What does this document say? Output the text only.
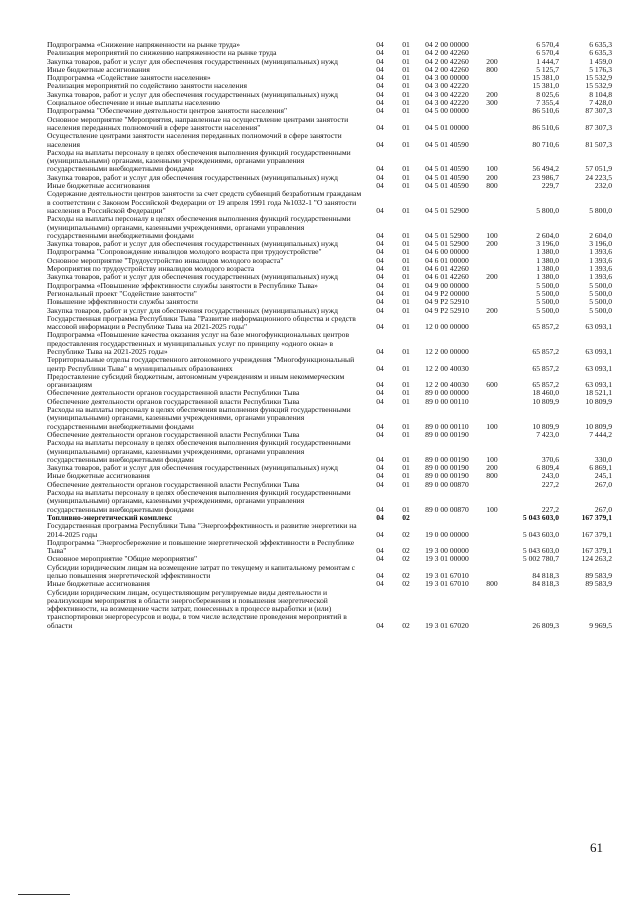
Подпрограмма «Снижение напряженности на рынке труда»	04	01	04 2 00 00000		6 570,4	6 635,3
Реализация мероприятий по снижению напряженности на рынке труда	04	01	04 2 00 42260		6 570,4	6 635,3
Закупка товаров, работ и услуг для обеспечения государственных (муниципальных) нужд	04	01	04 2 00 42260	200	1 444,7	1 459,0
Иные бюджетные ассигнования	04	01	04 2 00 42260	800	5 125,7	5 176,3
Подпрограмма «Содействие занятости населения»	04	01	04 3 00 00000		15 381,0	15 532,9
Реализация мероприятий по содействию занятости населения	04	01	04 3 00 42220		15 381,0	15 532,9
Закупка товаров, работ и услуг для обеспечения государственных (муниципальных) нужд	04	01	04 3 00 42220	200	8 025,6	8 104,8
Социальное обеспечение и иные выплаты населению	04	01	04 3 00 42220	300	7 355,4	7 428,0
Подпрограмма "Обеспечение деятельности центров занятости населения"	04	01	04 5 00 00000		86 510,6	87 307,3
Основное мероприятие "Мероприятия, направленные на осуществление центрами занятости населения переданных полномочий в сфере занятости населения"	04	01	04 5 01 00000		86 510,6	87 307,3
Осуществление центрами занятости населения переданных полномочий в сфере занятости населения	04	01	04 5 01 40590		80 710,6	81 507,3
Расходы на выплаты персоналу в целях обеспечения выполнения функций государственными (муниципальными) органами, казенными учреждениями, органами управления государственными внебюджетными фондами	04	01	04 5 01 40590	100	56 494,2	57 051,9
Закупка товаров, работ и услуг для обеспечения государственных (муниципальных) нужд	04	01	04 5 01 40590	200	23 986,7	24 223,5
Иные бюджетные ассигнования	04	01	04 5 01 40590	800	229,7	232,0
Содержание деятельности центров занятости за счет средств субвенций безработным гражданам в соответствии с Законом Российской Федерации от 19 апреля 1991 года №1032-1 "О занятости населения в Российской Федерации"	04	01	04 5 01 52900		5 800,0	5 800,0
Расходы на выплаты персоналу в целях обеспечения выполнения функций государственными (муниципальными) органами, казенными учреждениями, органами управления государственными внебюджетными фондами	04	01	04 5 01 52900	100	2 604,0	2 604,0
Закупка товаров, работ и услуг для обеспечения государственных (муниципальных) нужд	04	01	04 5 01 52900	200	3 196,0	3 196,0
Подпрограмма "Сопровождение инвалидов молодого возраста при трудоустройстве"	04	01	04 6 00 00000		1 380,0	1 393,6
Основное мероприятие "Трудоустройство инвалидов молодого возраста"	04	01	04 6 01 00000		1 380,0	1 393,6
Мероприятия по трудоустройству инвалидов молодого возраста	04	01	04 6 01 42260		1 380,0	1 393,6
Закупка товаров, работ и услуг для обеспечения государственных (муниципальных) нужд	04	01	04 6 01 42260	200	1 380,0	1 393,6
Подпрограмма «Повышение эффективности службы занятости в Республике Тыва»	04	01	04 9 00 00000		5 500,0	5 500,0
Региональный проект "Содействие занятости"	04	01	04 9 P2 00000		5 500,0	5 500,0
Повышение эффективности службы занятости	04	01	04 9 P2 52910		5 500,0	5 500,0
Закупка товаров, работ и услуг для обеспечения государственных (муниципальных) нужд	04	01	04 9 P2 52910	200	5 500,0	5 500,0
Государственная программа Республики Тыва "Развитие информационного общества и средств массовой информации в Республике Тыва на 2021-2025 годы"	04	01	12 0 00 00000		65 857,2	63 093,1
Подпрограмма «Повышение качества оказания услуг на базе многофункциональных центров предоставления государственных и муниципальных услуг по принципу «одного окна» в Республике Тыва на 2021-2025 годы»	04	01	12 2 00 00000		65 857,2	63 093,1
Территориальные отделы государственного автономного учреждения "Многофункциональный центр Республики Тыва" в муниципальных образованиях	04	01	12 2 00 40030		65 857,2	63 093,1
Предоставление субсидий бюджетным, автономным учреждениям и иным некоммерческим организациям	04	01	12 2 00 40030	600	65 857,2	63 093,1
Обеспечение деятельности органов государственной власти Республики Тыва	04	01	89 0 00 00000		18 460,0	18 521,1
Обеспечение деятельности органов государственной власти Республики Тыва	04	01	89 0 00 00110		10 809,9	10 809,9
Расходы на выплаты персоналу в целях обеспечения выполнения функций государственными (муниципальными) органами, казенными учреждениями, органами управления государственными внебюджетными фондами	04	01	89 0 00 00110	100	10 809,9	10 809,9
Обеспечение деятельности органов государственной власти Республики Тыва	04	01	89 0 00 00190		7 423,0	7 444,2
Расходы на выплаты персоналу в целях обеспечения выполнения функций государственными (муниципальными) органами, казенными учреждениями, органами управления государственными внебюджетными фондами	04	01	89 0 00 00190	100	370,6	330,0
Закупка товаров, работ и услуг для обеспечения государственных (муниципальных) нужд	04	01	89 0 00 00190	200	6 809,4	6 869,1
Иные бюджетные ассигнования	04	01	89 0 00 00190	800	243,0	245,1
Обеспечение деятельности органов государственной власти Республики Тыва	04	01	89 0 00 00870		227,2	267,0
Расходы на выплаты персоналу в целях обеспечения выполнения функций государственными (муниципальными) органами, казенными учреждениями, органами управления государственными внебюджетными фондами	04	01	89 0 00 00870	100	227,2	267,0
Топливно-энергетический комплекс	04	02			5 043 603,0	167 379,1
Государственная программа Республики Тыва "Энергоэффективность и развитие энергетики на 2014-2025 годы	04	02	19 0 00 00000		5 043 603,0	167 379,1
Подпрограмма "Энергосбережение и повышение энергетической эффективности в Республике Тыва"	04	02	19 3 00 00000		5 043 603,0	167 379,1
Основное мероприятие "Общие мероприятия"	04	02	19 3 01 00000		5 002 780,7	124 263,2
Субсидии юридическим лицам на возмещение затрат по текущему и капитальному ремонтам с целью повышения энергетической эффективности	04	02	19 3 01 67010		84 818,3	89 583,9
Иные бюджетные ассигнования	04	02	19 3 01 67010	800	84 818,3	89 583,9
Субсидии юридическим лицам, осуществляющим регулируемые виды деятельности и реализующим мероприятия в области энергосбережения и повышения энергетической эффективности, на возмещение части затрат, понесенных в процессе выработки и (или) транспортировки энергоресурсов и воды, в том числе вследствие проведения мероприятий в области	04	02	19 3 01 67020		26 809,3	9 969,5
61
